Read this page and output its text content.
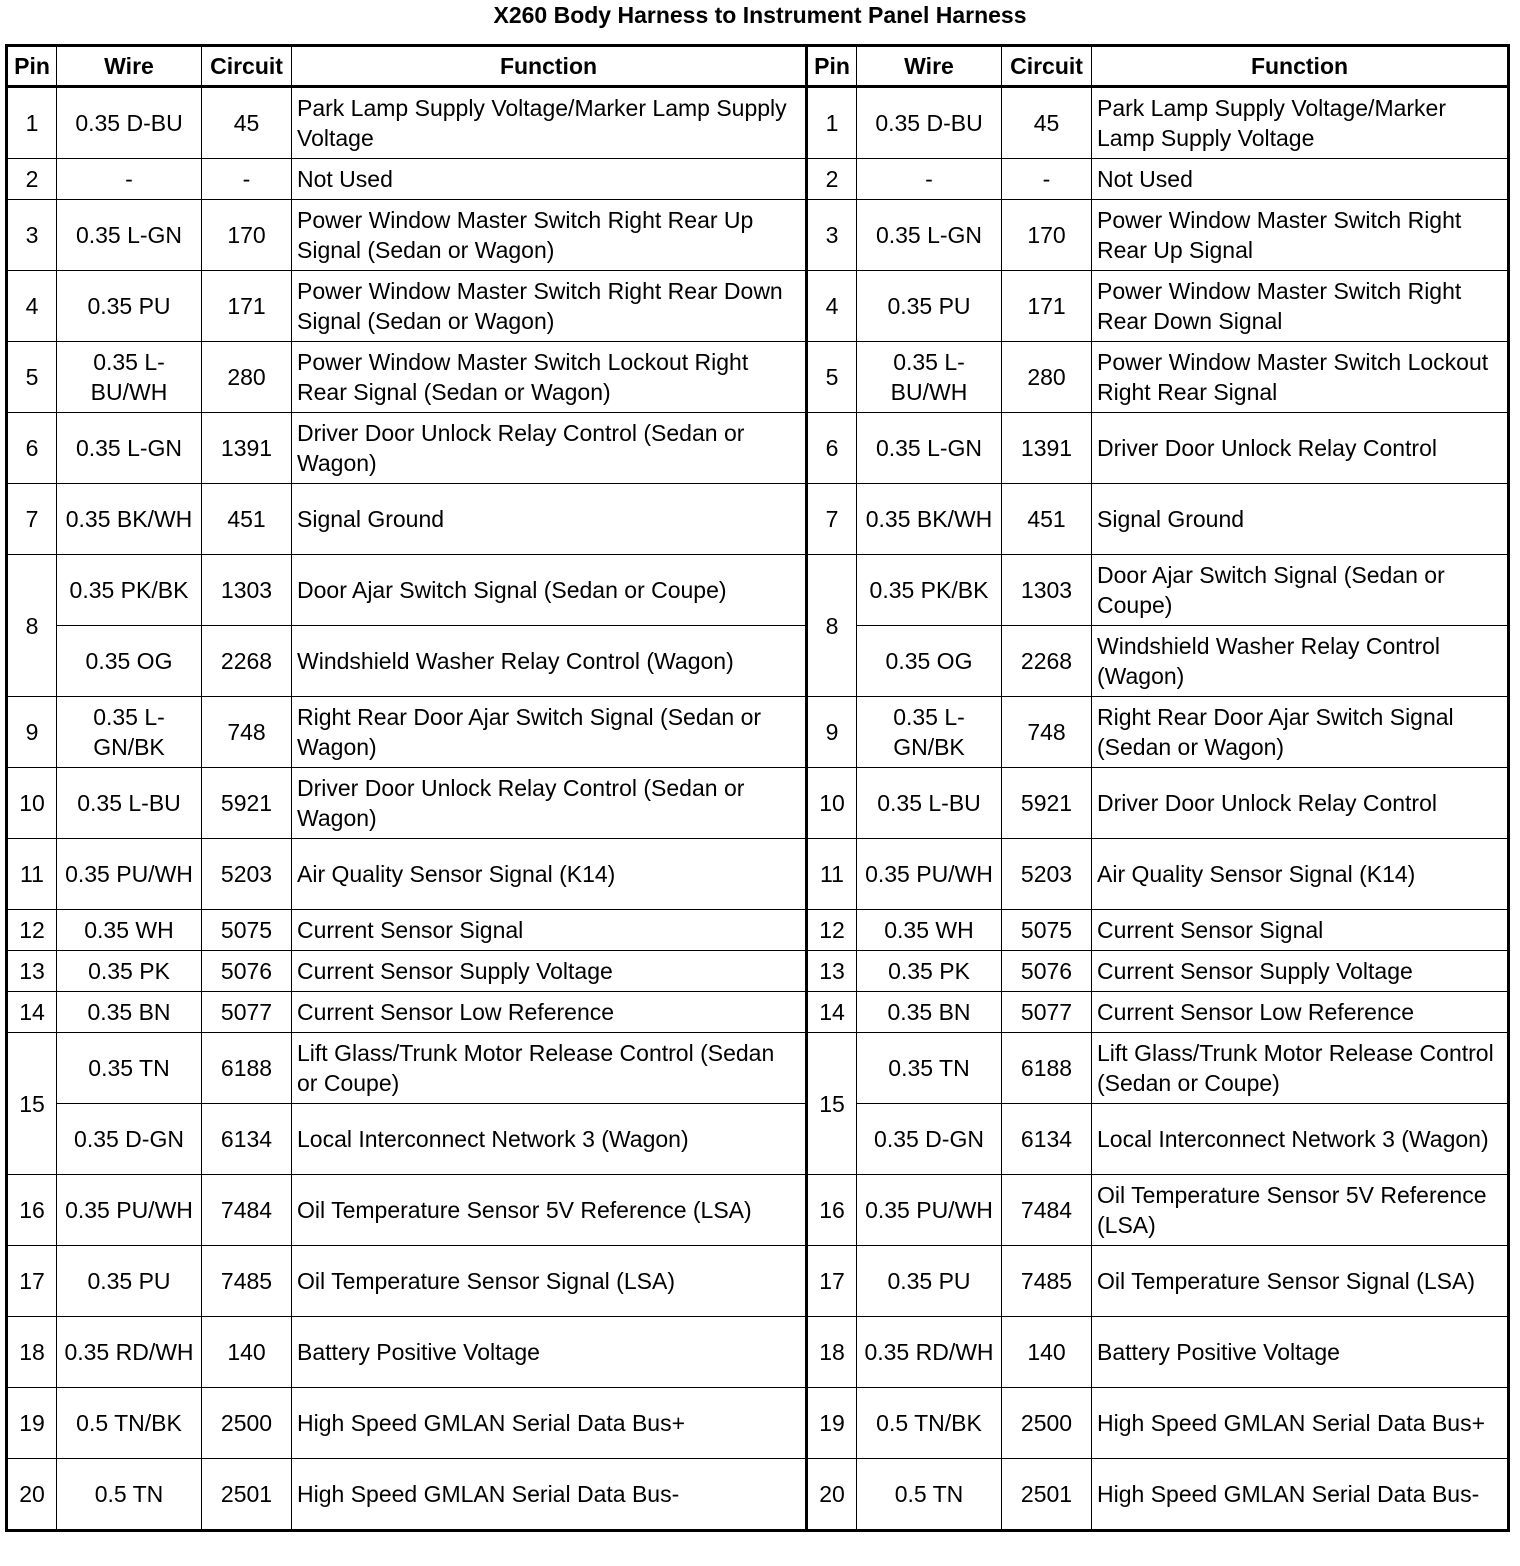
X260 Body Harness to Instrument Panel Harness
Pin	Wire	Circuit	Function	Pin	Wire	Circuit	Function
1	0.35 D-BU	45	Park Lamp Supply Voltage/Marker Lamp Supply Voltage	1	0.35 D-BU	45	Park Lamp Supply Voltage/Marker Lamp Supply Voltage
2	-	-	Not Used	2	-	-	Not Used
3	0.35 L-GN	170	Power Window Master Switch Right Rear Up Signal (Sedan or Wagon)	3	0.35 L-GN	170	Power Window Master Switch Right Rear Up Signal
4	0.35 PU	171	Power Window Master Switch Right Rear Down Signal (Sedan or Wagon)	4	0.35 PU	171	Power Window Master Switch Right Rear Down Signal
5	0.35 L-BU/WH	280	Power Window Master Switch Lockout Right Rear Signal (Sedan or Wagon)	5	0.35 L-BU/WH	280	Power Window Master Switch Lockout Right Rear Signal
6	0.35 L-GN	1391	Driver Door Unlock Relay Control (Sedan or Wagon)	6	0.35 L-GN	1391	Driver Door Unlock Relay Control
7	0.35 BK/WH	451	Signal Ground	7	0.35 BK/WH	451	Signal Ground
8	0.35 PK/BK	1303	Door Ajar Switch Signal (Sedan or Coupe)	8	0.35 PK/BK	1303	Door Ajar Switch Signal (Sedan or Coupe)
	0.35 OG	2268	Windshield Washer Relay Control (Wagon)		0.35 OG	2268	Windshield Washer Relay Control (Wagon)
9	0.35 L-GN/BK	748	Right Rear Door Ajar Switch Signal (Sedan or Wagon)	9	0.35 L-GN/BK	748	Right Rear Door Ajar Switch Signal (Sedan or Wagon)
10	0.35 L-BU	5921	Driver Door Unlock Relay Control (Sedan or Wagon)	10	0.35 L-BU	5921	Driver Door Unlock Relay Control
11	0.35 PU/WH	5203	Air Quality Sensor Signal (K14)	11	0.35 PU/WH	5203	Air Quality Sensor Signal (K14)
12	0.35 WH	5075	Current Sensor Signal	12	0.35 WH	5075	Current Sensor Signal
13	0.35 PK	5076	Current Sensor Supply Voltage	13	0.35 PK	5076	Current Sensor Supply Voltage
14	0.35 BN	5077	Current Sensor Low Reference	14	0.35 BN	5077	Current Sensor Low Reference
15	0.35 TN	6188	Lift Glass/Trunk Motor Release Control (Sedan or Coupe)	15	0.35 TN	6188	Lift Glass/Trunk Motor Release Control (Sedan or Coupe)
	0.35 D-GN	6134	Local Interconnect Network 3 (Wagon)		0.35 D-GN	6134	Local Interconnect Network 3 (Wagon)
16	0.35 PU/WH	7484	Oil Temperature Sensor 5V Reference (LSA)	16	0.35 PU/WH	7484	Oil Temperature Sensor 5V Reference (LSA)
17	0.35 PU	7485	Oil Temperature Sensor Signal (LSA)	17	0.35 PU	7485	Oil Temperature Sensor Signal (LSA)
18	0.35 RD/WH	140	Battery Positive Voltage	18	0.35 RD/WH	140	Battery Positive Voltage
19	0.5 TN/BK	2500	High Speed GMLAN Serial Data Bus+	19	0.5 TN/BK	2500	High Speed GMLAN Serial Data Bus+
20	0.5 TN	2501	High Speed GMLAN Serial Data Bus-	20	0.5 TN	2501	High Speed GMLAN Serial Data Bus-
